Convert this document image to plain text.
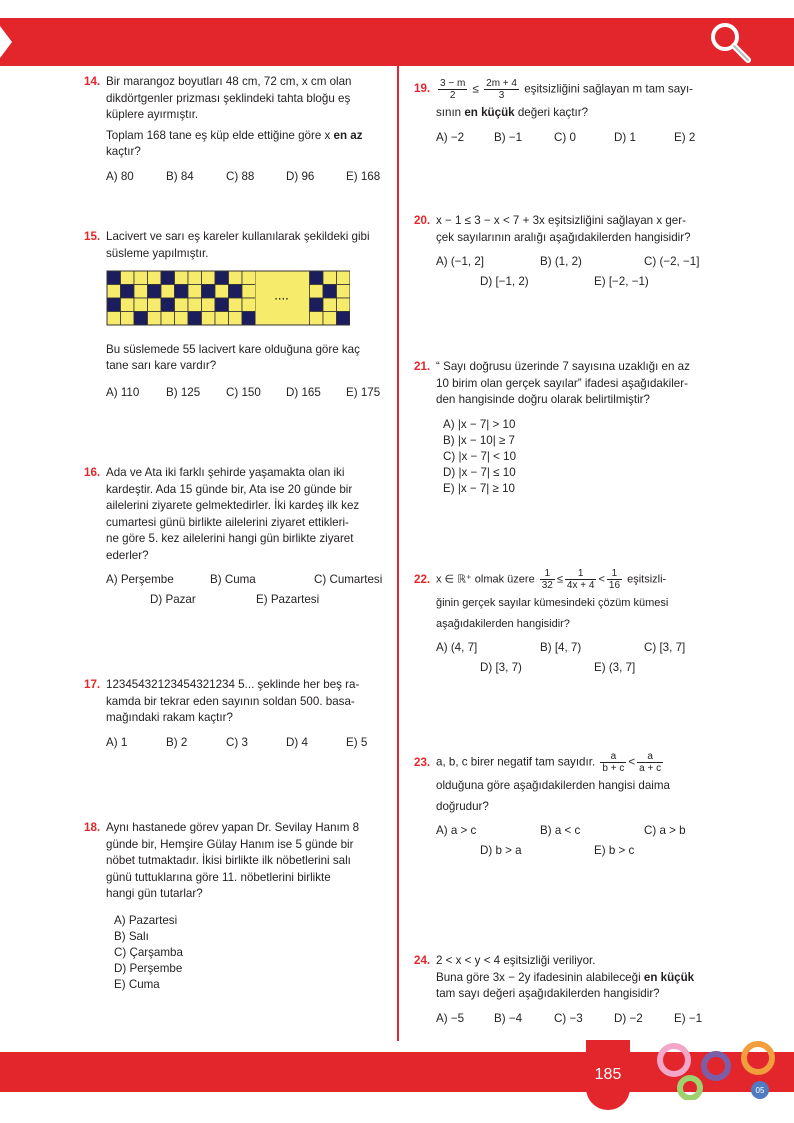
14. Bir marangoz boyutları 48 cm, 72 cm, x cm olan
dikdörtgenler prizması şeklindeki tahta bloğu eş
küplere ayırmıştır.
Toplam 168 tane eş küp elde ettiğine göre x en az
kaçtır?
A) 80	B) 84	C) 88	D) 96	E) 168
15. Lacivert ve sarı eş kareler kullanılarak şekildeki gibi
süsleme yapılmıştır.
....
Bu süslemede 55 lacivert kare olduğuna göre kaç
tane sarı kare vardır?
A) 110 B) 125 C) 150 D) 165 E) 175
16. Ada ve Ata iki farklı şehirde yaşamakta olan iki
kardeştir. Ada 15 günde bir, Ata ise 20 günde bir
ailelerini ziyarete gelmektedirler. İki kardeş ilk kez
cumartesi günü birlikte ailelerini ziyaret ettikleri-
ne göre 5. kez ailelerini hangi gün birlikte ziyaret
ederler?
A) Perşembe	B) Cuma	C) Cumartesi
D) Pazar	E) Pazartesi
17. 12345432123454321234 5... şeklinde her beş ra-
kamda bir tekrar eden sayının soldan 500. basa-
mağındaki rakam kaçtır?
A) 1	B) 2	C) 3	D) 4	E) 5
18. Aynı hastanede görev yapan Dr. Sevilay Hanım 8
günde bir, Hemşire Gülay Hanım ise 5 günde bir
nöbet tutmaktadır. İkisi birlikte ilk nöbetlerini salı
günü tuttuklarına göre 11. nöbetlerini birlikte
hangi gün tutarlar?
A) Pazartesi
B) Salı
C) Çarşamba
D) Perşembe
E) Cuma
19. $\frac{3 - m}{2} \le \frac{2m + 4}{3}$ eşitsizliğini sağlayan m tam sayı-
sının en küçük değeri kaçtır?
A) −2	B) −1	C) 0	D) 1	E) 2
20. x − 1 ≤ 3 − x < 7 + 3x eşitsizliğini sağlayan x ger-
çek sayılarının aralığı aşağıdakilerden hangisidir?
A) (−1, 2]	B) (1, 2)	C) (−2, −1]
D) [−1, 2)	E) [−2, −1)
21. “ Sayı doğrusu üzerinde 7 sayısına uzaklığı en az
10 birim olan gerçek sayılar” ifadesi aşağıdakiler-
den hangisinde doğru olarak belirtilmiştir?
A) |x − 7| > 10
B) |x − 10| ≥ 7
C) |x − 7| < 10
D) |x − 7| ≤ 10
E) |x − 7| ≥ 10
22. x ∈ ℝ⁺ olmak üzere $\frac{1}{32} \le \frac{1}{4x + 4} < \frac{1}{16}$ eşitsizli-
ğinin gerçek sayılar kümesindeki çözüm kümesi
aşağıdakilerden hangisidir?
A) (4, 7]	B) [4, 7)	C) [3, 7]
D) [3, 7)	E) (3, 7]
23. a, b, c birer negatif tam sayıdır. $\frac{a}{b + c} < \frac{a}{a + c}$
olduğuna göre aşağıdakilerden hangisi daima
doğrudur?
A) a > c	B) a < c	C) a > b
D) b > a	E) b > c
24. 2 < x < y < 4 eşitsizliği veriliyor.
Buna göre 3x − 2y ifadesinin alabileceği en küçük
tam sayı değeri aşağıdakilerden hangisidir?
A) −5	B) −4	C) −3	D) −2	E) −1
05
185
